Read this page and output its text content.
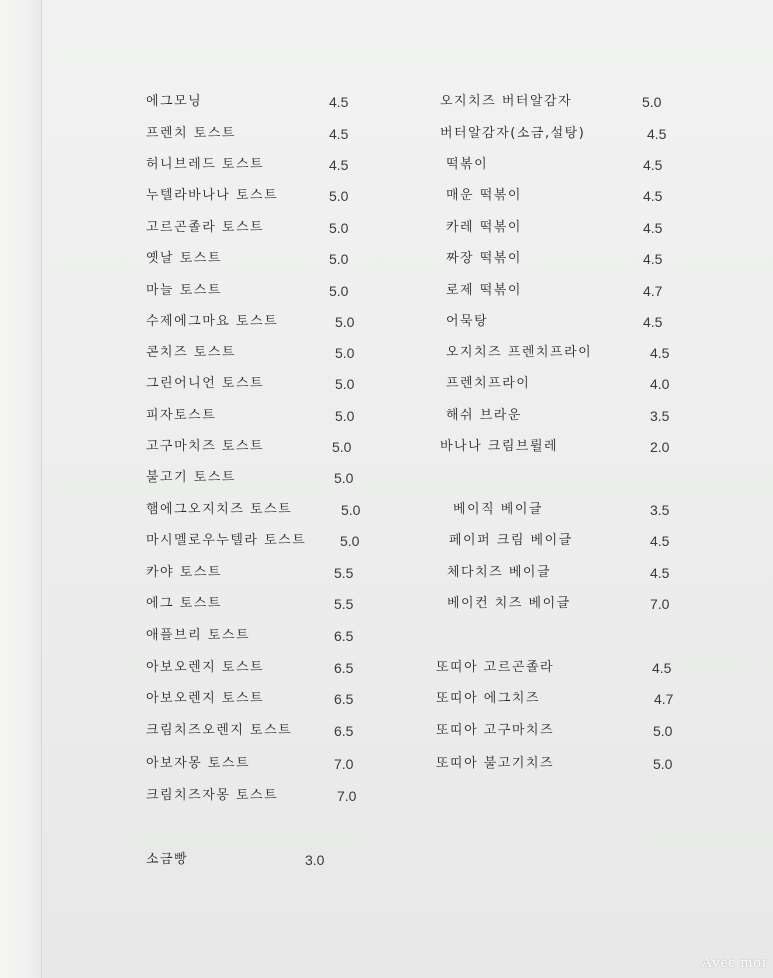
에그모닝	4.5
프렌치 토스트	4.5
허니브레드 토스트	4.5
누텔라바나나 토스트	5.0
고르곤졸라 토스트	5.0
옛날 토스트	5.0
마늘 토스트	5.0
수제에그마요 토스트	5.0
콘치즈 토스트	5.0
그린어니언 토스트	5.0
피자토스트	5.0
고구마치즈 토스트	5.0
불고기 토스트	5.0
햄에그오지치즈 토스트	5.0
마시멜로우누텔라 토스트 5.0
카야 토스트	5.5
에그 토스트	5.5
애플브리 토스트	6.5
아보오렌지 토스트	6.5
아보오렌지 토스트	6.5
크림치즈오렌지 토스트	6.5
아보자몽 토스트	7.0
크림치즈자몽 토스트	7.0
소금빵	3.0
오지치즈 버터알감자	5.0
버터알감자(소금,설탕)	4.5
떡볶이	4.5
매운 떡볶이	4.5
카레 떡볶이	4.5
짜장 떡볶이	4.5
로제 떡볶이	4.7
어묵탕	4.5
오지치즈 프렌치프라이	4.5
프렌치프라이	4.0
해쉬 브라운	3.5
바나나 크림브륄레	2.0
베이직 베이글	3.5
페이퍼 크림 베이글	4.5
체다치즈 베이글	4.5
베이컨 치즈 베이글	7.0
또띠아 고르곤졸라	4.5
또띠아 에그치즈	4.7
또띠아 고구마치즈	5.0
또띠아 불고기치즈	5.0
Avec moi
